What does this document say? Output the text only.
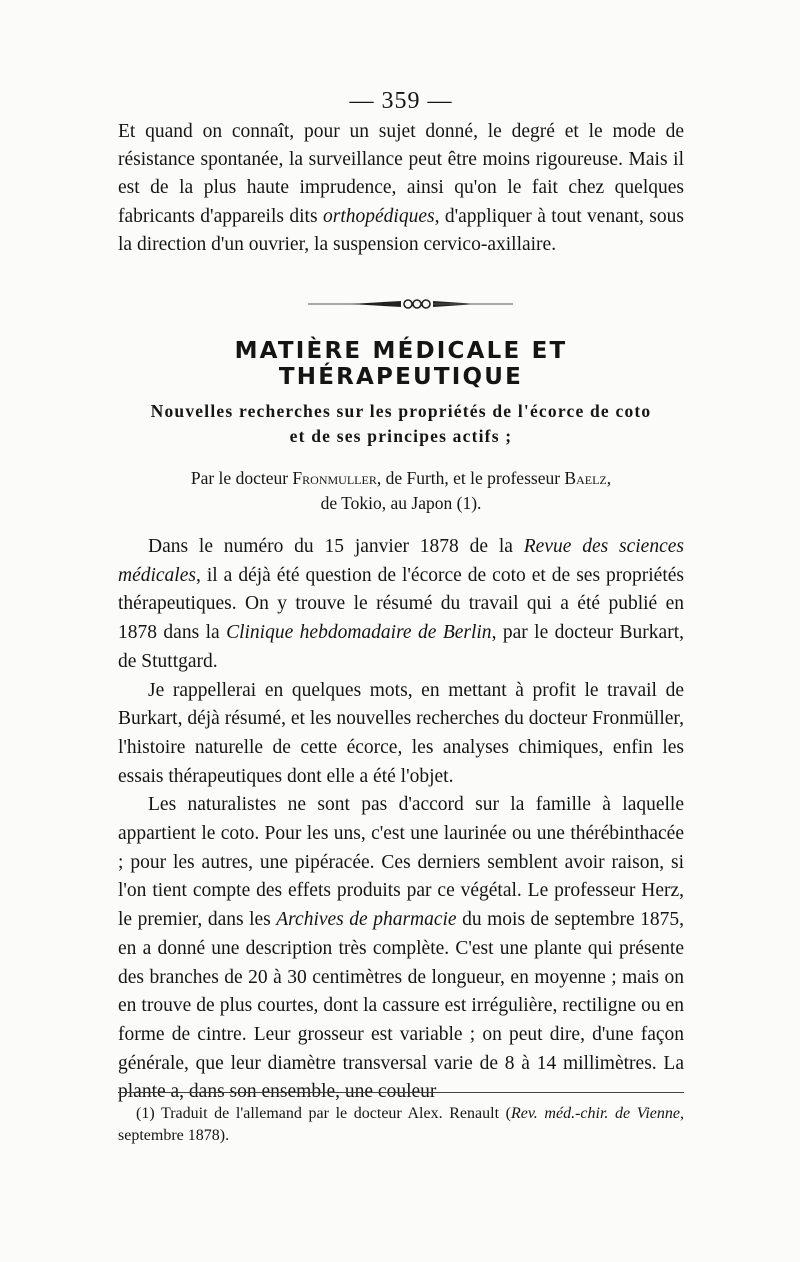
— 359 —

Et quand on connaît, pour un sujet donné, le degré et le mode de résistance spontanée, la surveillance peut être moins rigoureuse. Mais il est de la plus haute imprudence, ainsi qu'on le fait chez quelques fabricants d'appareils dits orthopédiques, d'appliquer à tout venant, sous la direction d'un ouvrier, la suspension cervico-axillaire.

MATIÈRE MÉDICALE ET THÉRAPEUTIQUE
Nouvelles recherches sur les propriétés de l'écorce de coto
et de ses principes actifs ;
Par le docteur Fronmuller, de Furth, et le professeur Baelz,
de Tokio, au Japon (1).

Dans le numéro du 15 janvier 1878 de la Revue des sciences médicales, il a déjà été question de l'écorce de coto et de ses propriétés thérapeutiques. On y trouve le résumé du travail qui a été publié en 1878 dans la Clinique hebdomadaire de Berlin, par le docteur Burkart, de Stuttgard.

Je rappellerai en quelques mots, en mettant à profit le travail de Burkart, déjà résumé, et les nouvelles recherches du docteur Fronmüller, l'histoire naturelle de cette écorce, les analyses chimiques, enfin les essais thérapeutiques dont elle a été l'objet.

Les naturalistes ne sont pas d'accord sur la famille à laquelle appartient le coto. Pour les uns, c'est une laurinée ou une thérébinthacée ; pour les autres, une pipéracée. Ces derniers semblent avoir raison, si l'on tient compte des effets produits par ce végétal. Le professeur Herz, le premier, dans les Archives de pharmacie du mois de septembre 1875, en a donné une description très complète. C'est une plante qui présente des branches de 20 à 30 centimètres de longueur, en moyenne ; mais on en trouve de plus courtes, dont la cassure est irrégulière, rectiligne ou en forme de cintre. Leur grosseur est variable ; on peut dire, d'une façon générale, que leur diamètre transversal varie de 8 à 14 millimètres. La plante a, dans son ensemble, une couleur

(1) Traduit de l'allemand par le docteur Alex. Renault (Rev. méd.-chir. de Vienne, septembre 1878).
